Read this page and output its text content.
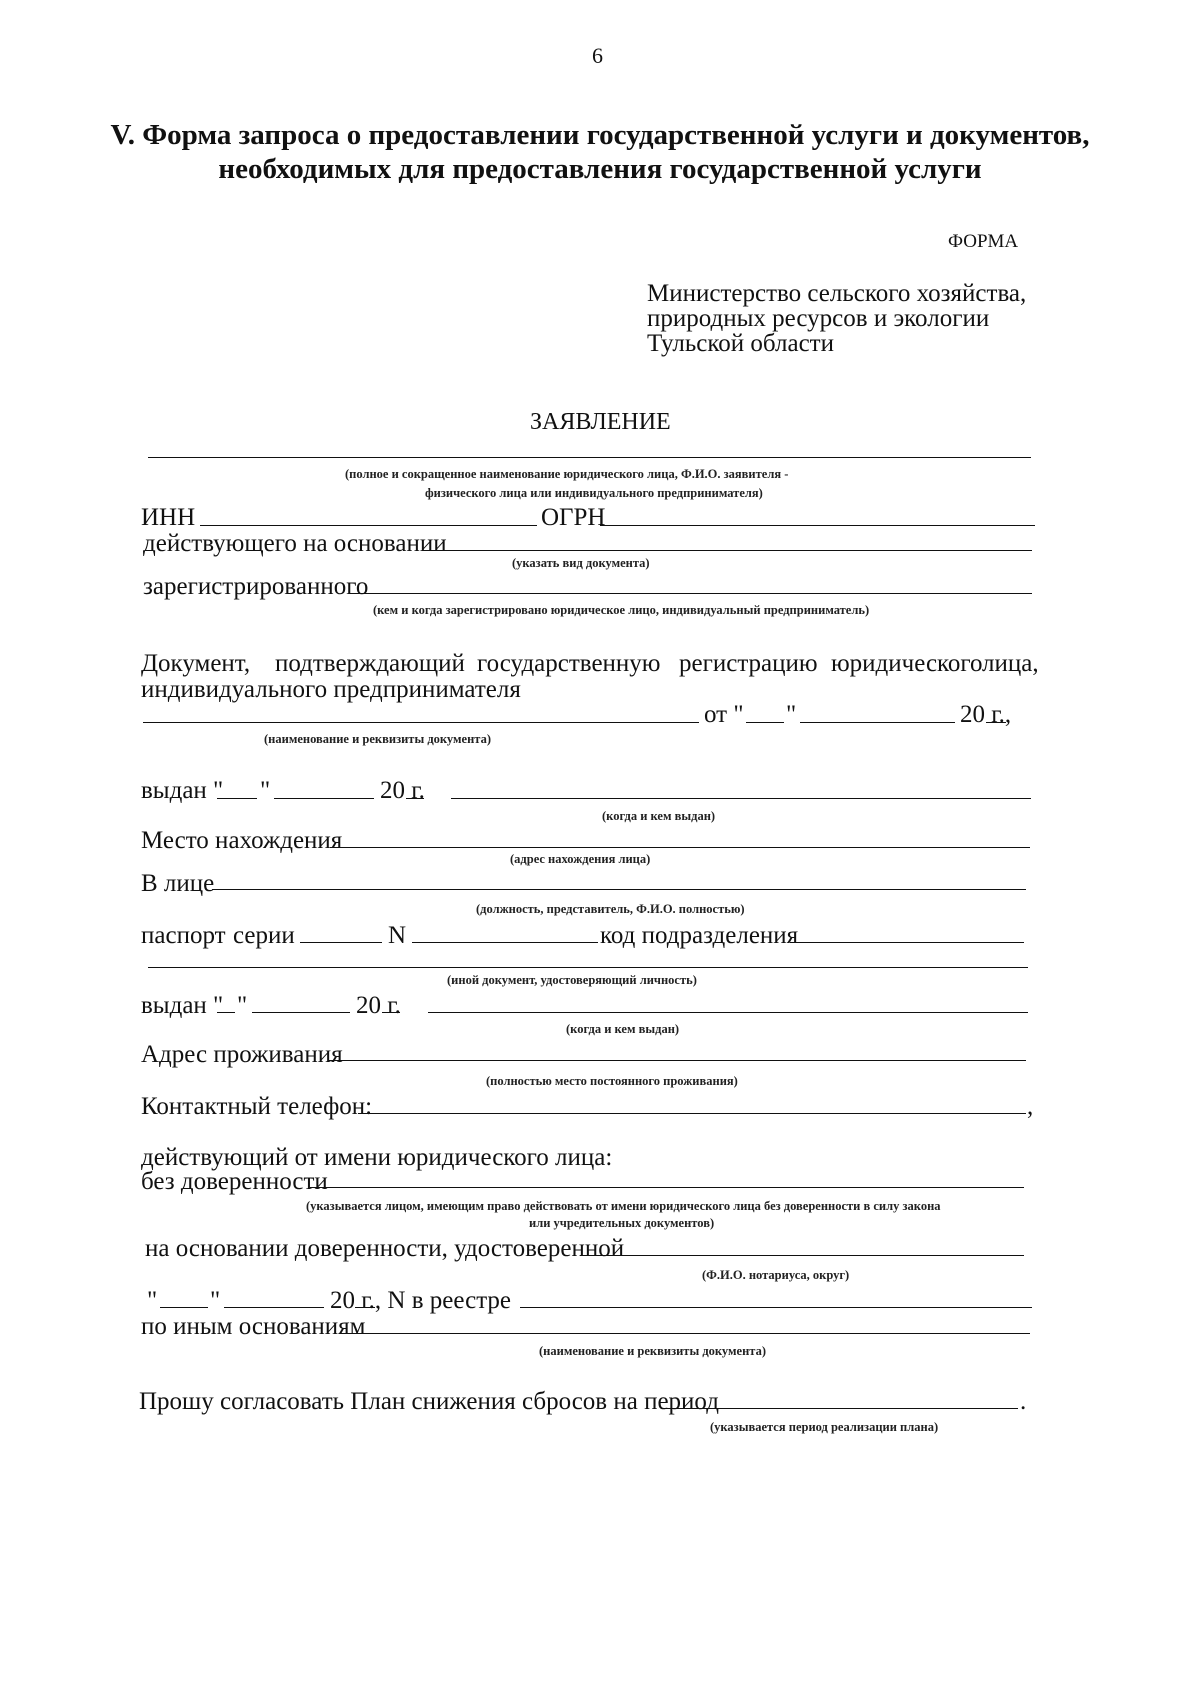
6
V. Форма запроса о предоставлении государственной услуги и документов,
необходимых для предоставления государственной услуги
ФОРМА
Министерство сельского хозяйства,
природных ресурсов и экологии
Тульской области
ЗАЯВЛЕНИЕ
(полное и сокращенное наименование юридического лица, Ф.И.О. заявителя -
физического лица или индивидуального предпринимателя)
ИНН	ОГРН
действующего на основании
(указать вид документа)
зарегистрированного
(кем и когда зарегистрировано юридическое лицо, индивидуальный предприниматель)
Документ, подтверждающий государственную регистрацию юридического лица,
индивидуального предпринимателя
от " "	20 г.,
(наименование и реквизиты документа)
выдан " "	20 г.
(когда и кем выдан)
Место нахождения
(адрес нахождения лица)
В лице
(должность, представитель, Ф.И.О. полностью)
паспорт серии	N	код подразделения
(иной документ, удостоверяющий личность)
выдан " "	20 г.
(когда и кем выдан)
Адрес проживания
(полностью место постоянного проживания)
Контактный телефон:	,
действующий от имени юридического лица:
без доверенности
(указывается лицом, имеющим право действовать от имени юридического лица без доверенности в силу закона
или учредительных документов)
на основании доверенности, удостоверенной
(Ф.И.О. нотариуса, округ)
" "	20 г., N в реестре
по иным основаниям
(наименование и реквизиты документа)
Прошу согласовать План снижения сбросов на период	.
(указывается период реализации плана)
